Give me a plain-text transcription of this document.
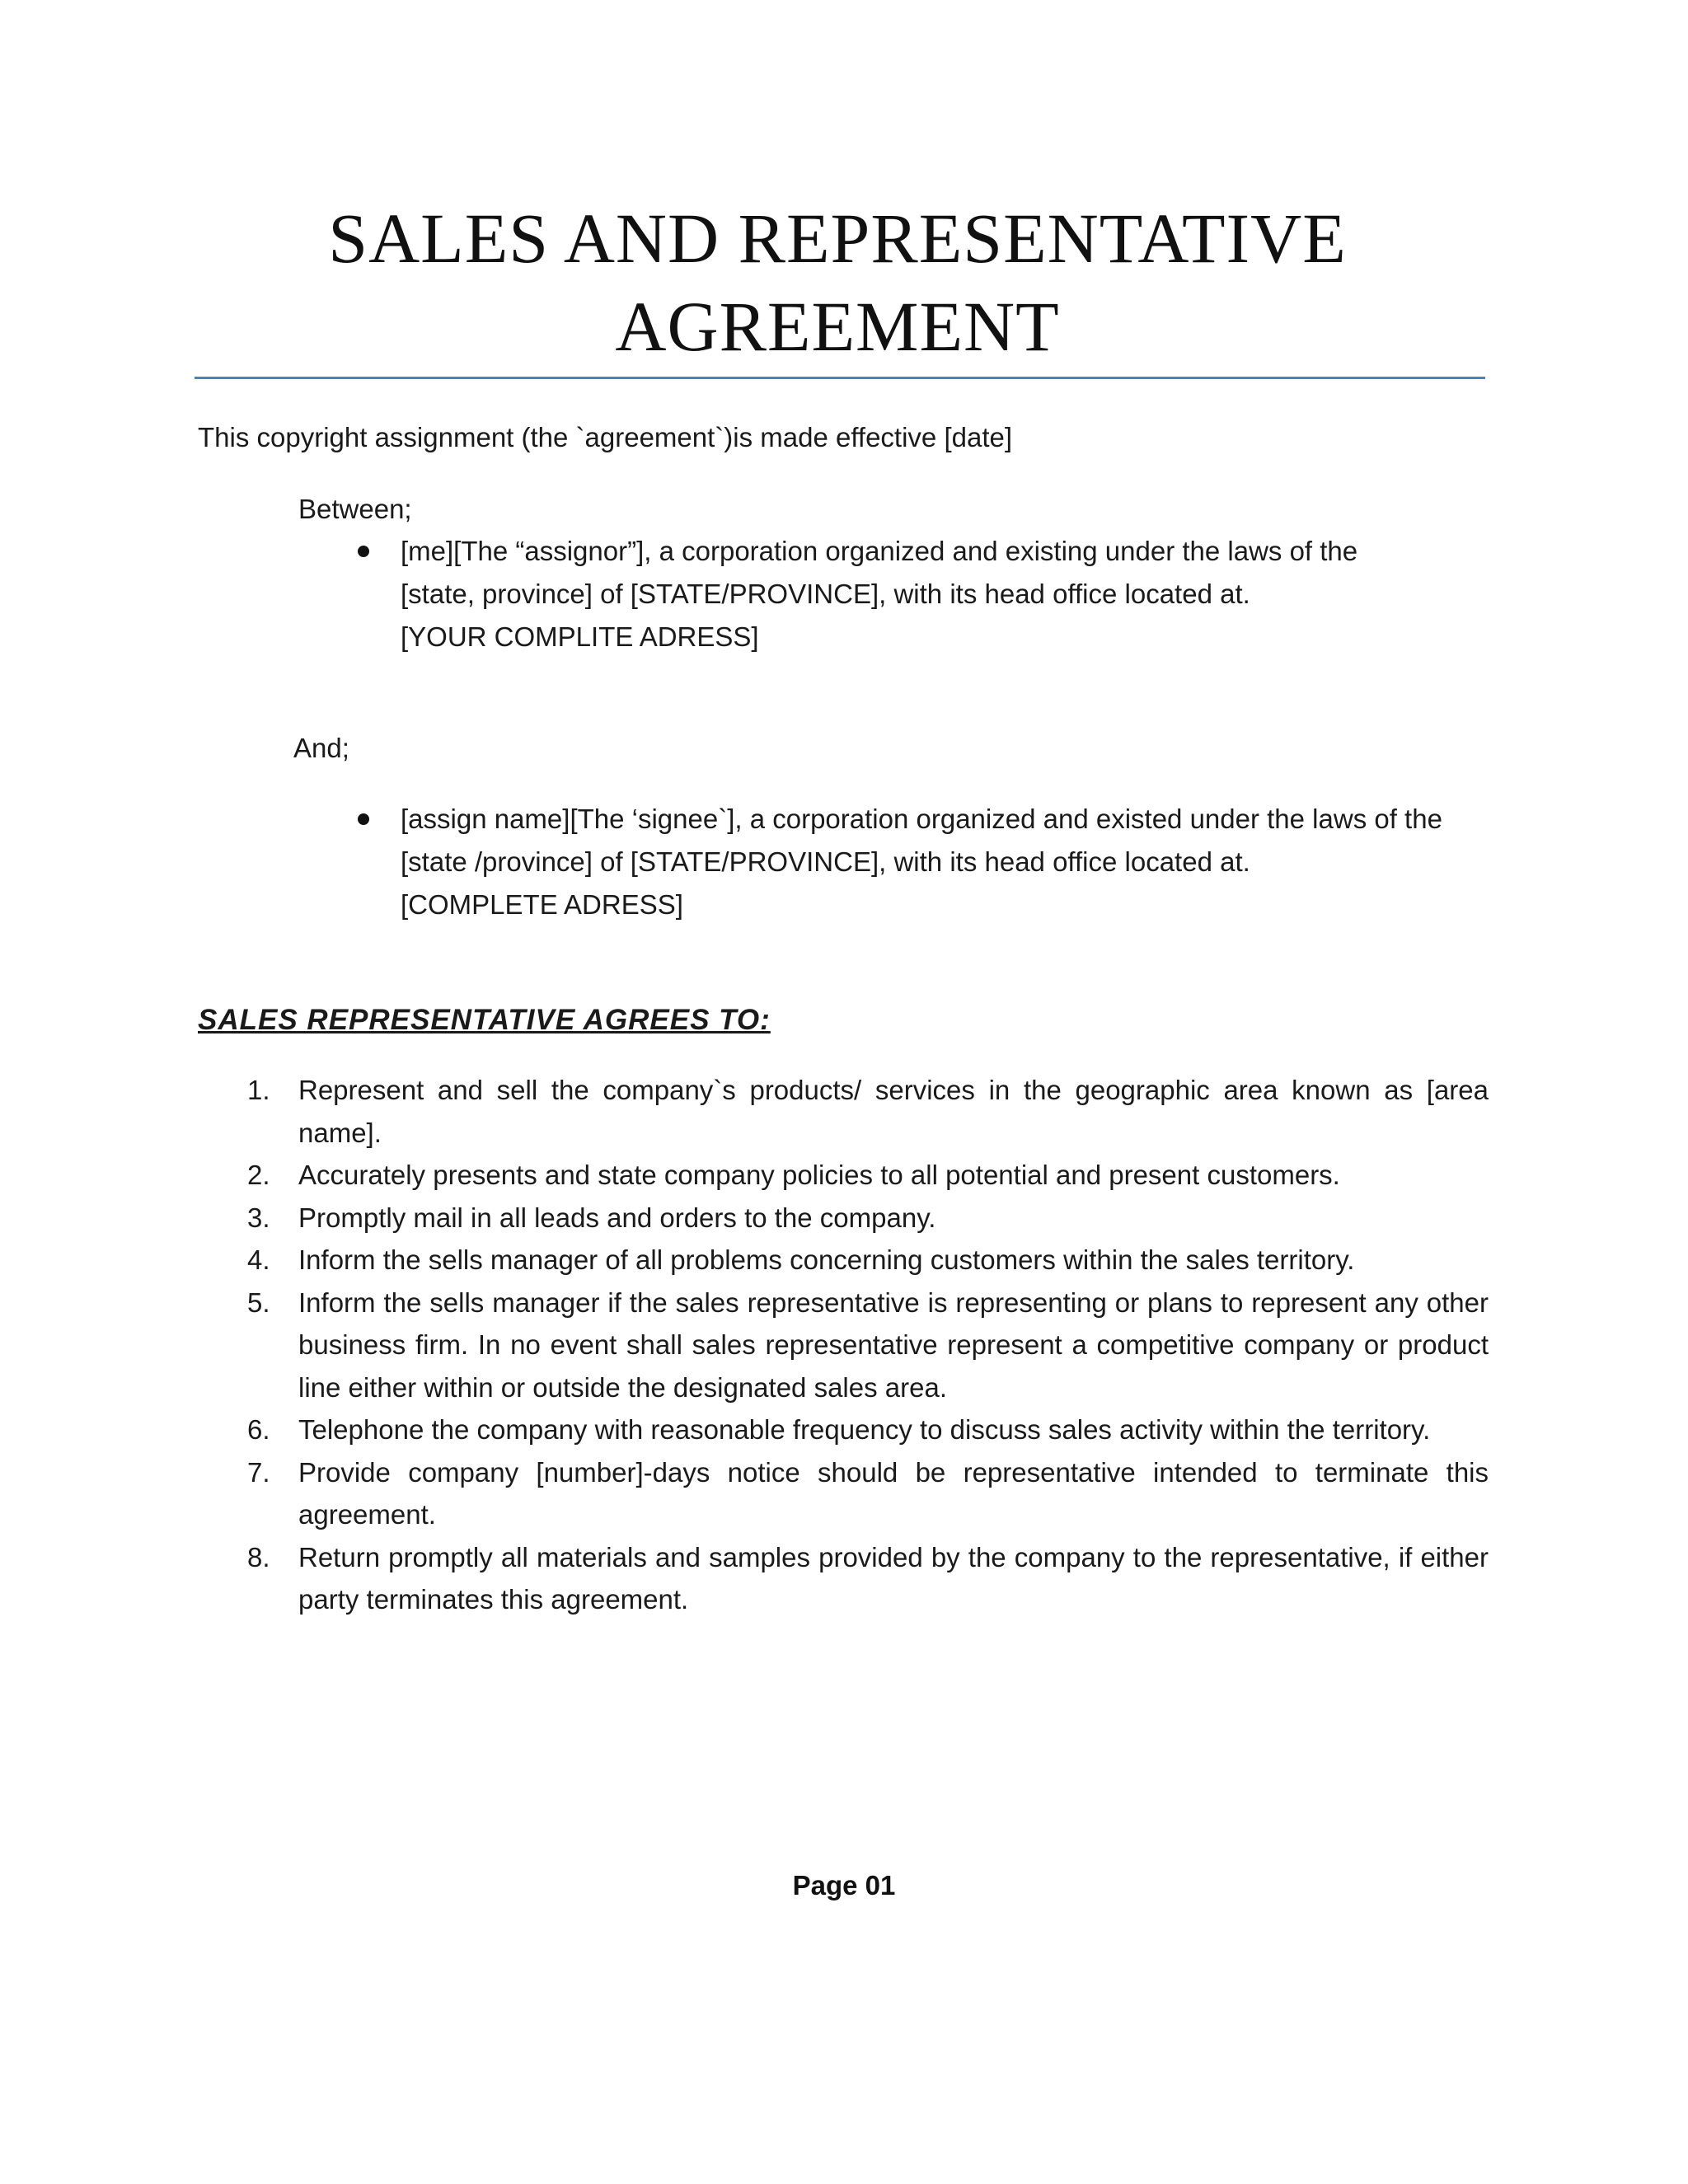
SALES AND REPRESENTATIVE AGREEMENT
This copyright assignment (the `agreement`)is made effective [date]
Between;
[me][The “assignor”], a corporation organized and existing under the laws of the
[state, province] of [STATE/PROVINCE], with its head office located at.
[YOUR COMPLITE ADRESS]
And;
[assign name][The ‘signee`], a corporation organized and existed under the laws of the
[state /province] of [STATE/PROVINCE], with its head office located at.
[COMPLETE ADRESS]
SALES REPRESENTATIVE AGREES TO:
1. Represent and sell the company`s products/ services in the geographic area known as [area name].
2. Accurately presents and state company policies to all potential and present customers.
3. Promptly mail in all leads and orders to the company.
4. Inform the sells manager of all problems concerning customers within the sales territory.
5. Inform the sells manager if the sales representative is representing or plans to represent any other business firm. In no event shall sales representative represent a competitive company or product line either within or outside the designated sales area.
6. Telephone the company with reasonable frequency to discuss sales activity within the territory.
7. Provide company [number]-days notice should be representative intended to terminate this agreement.
8. Return promptly all materials and samples provided by the company to the representative, if either party terminates this agreement.
Page 01
